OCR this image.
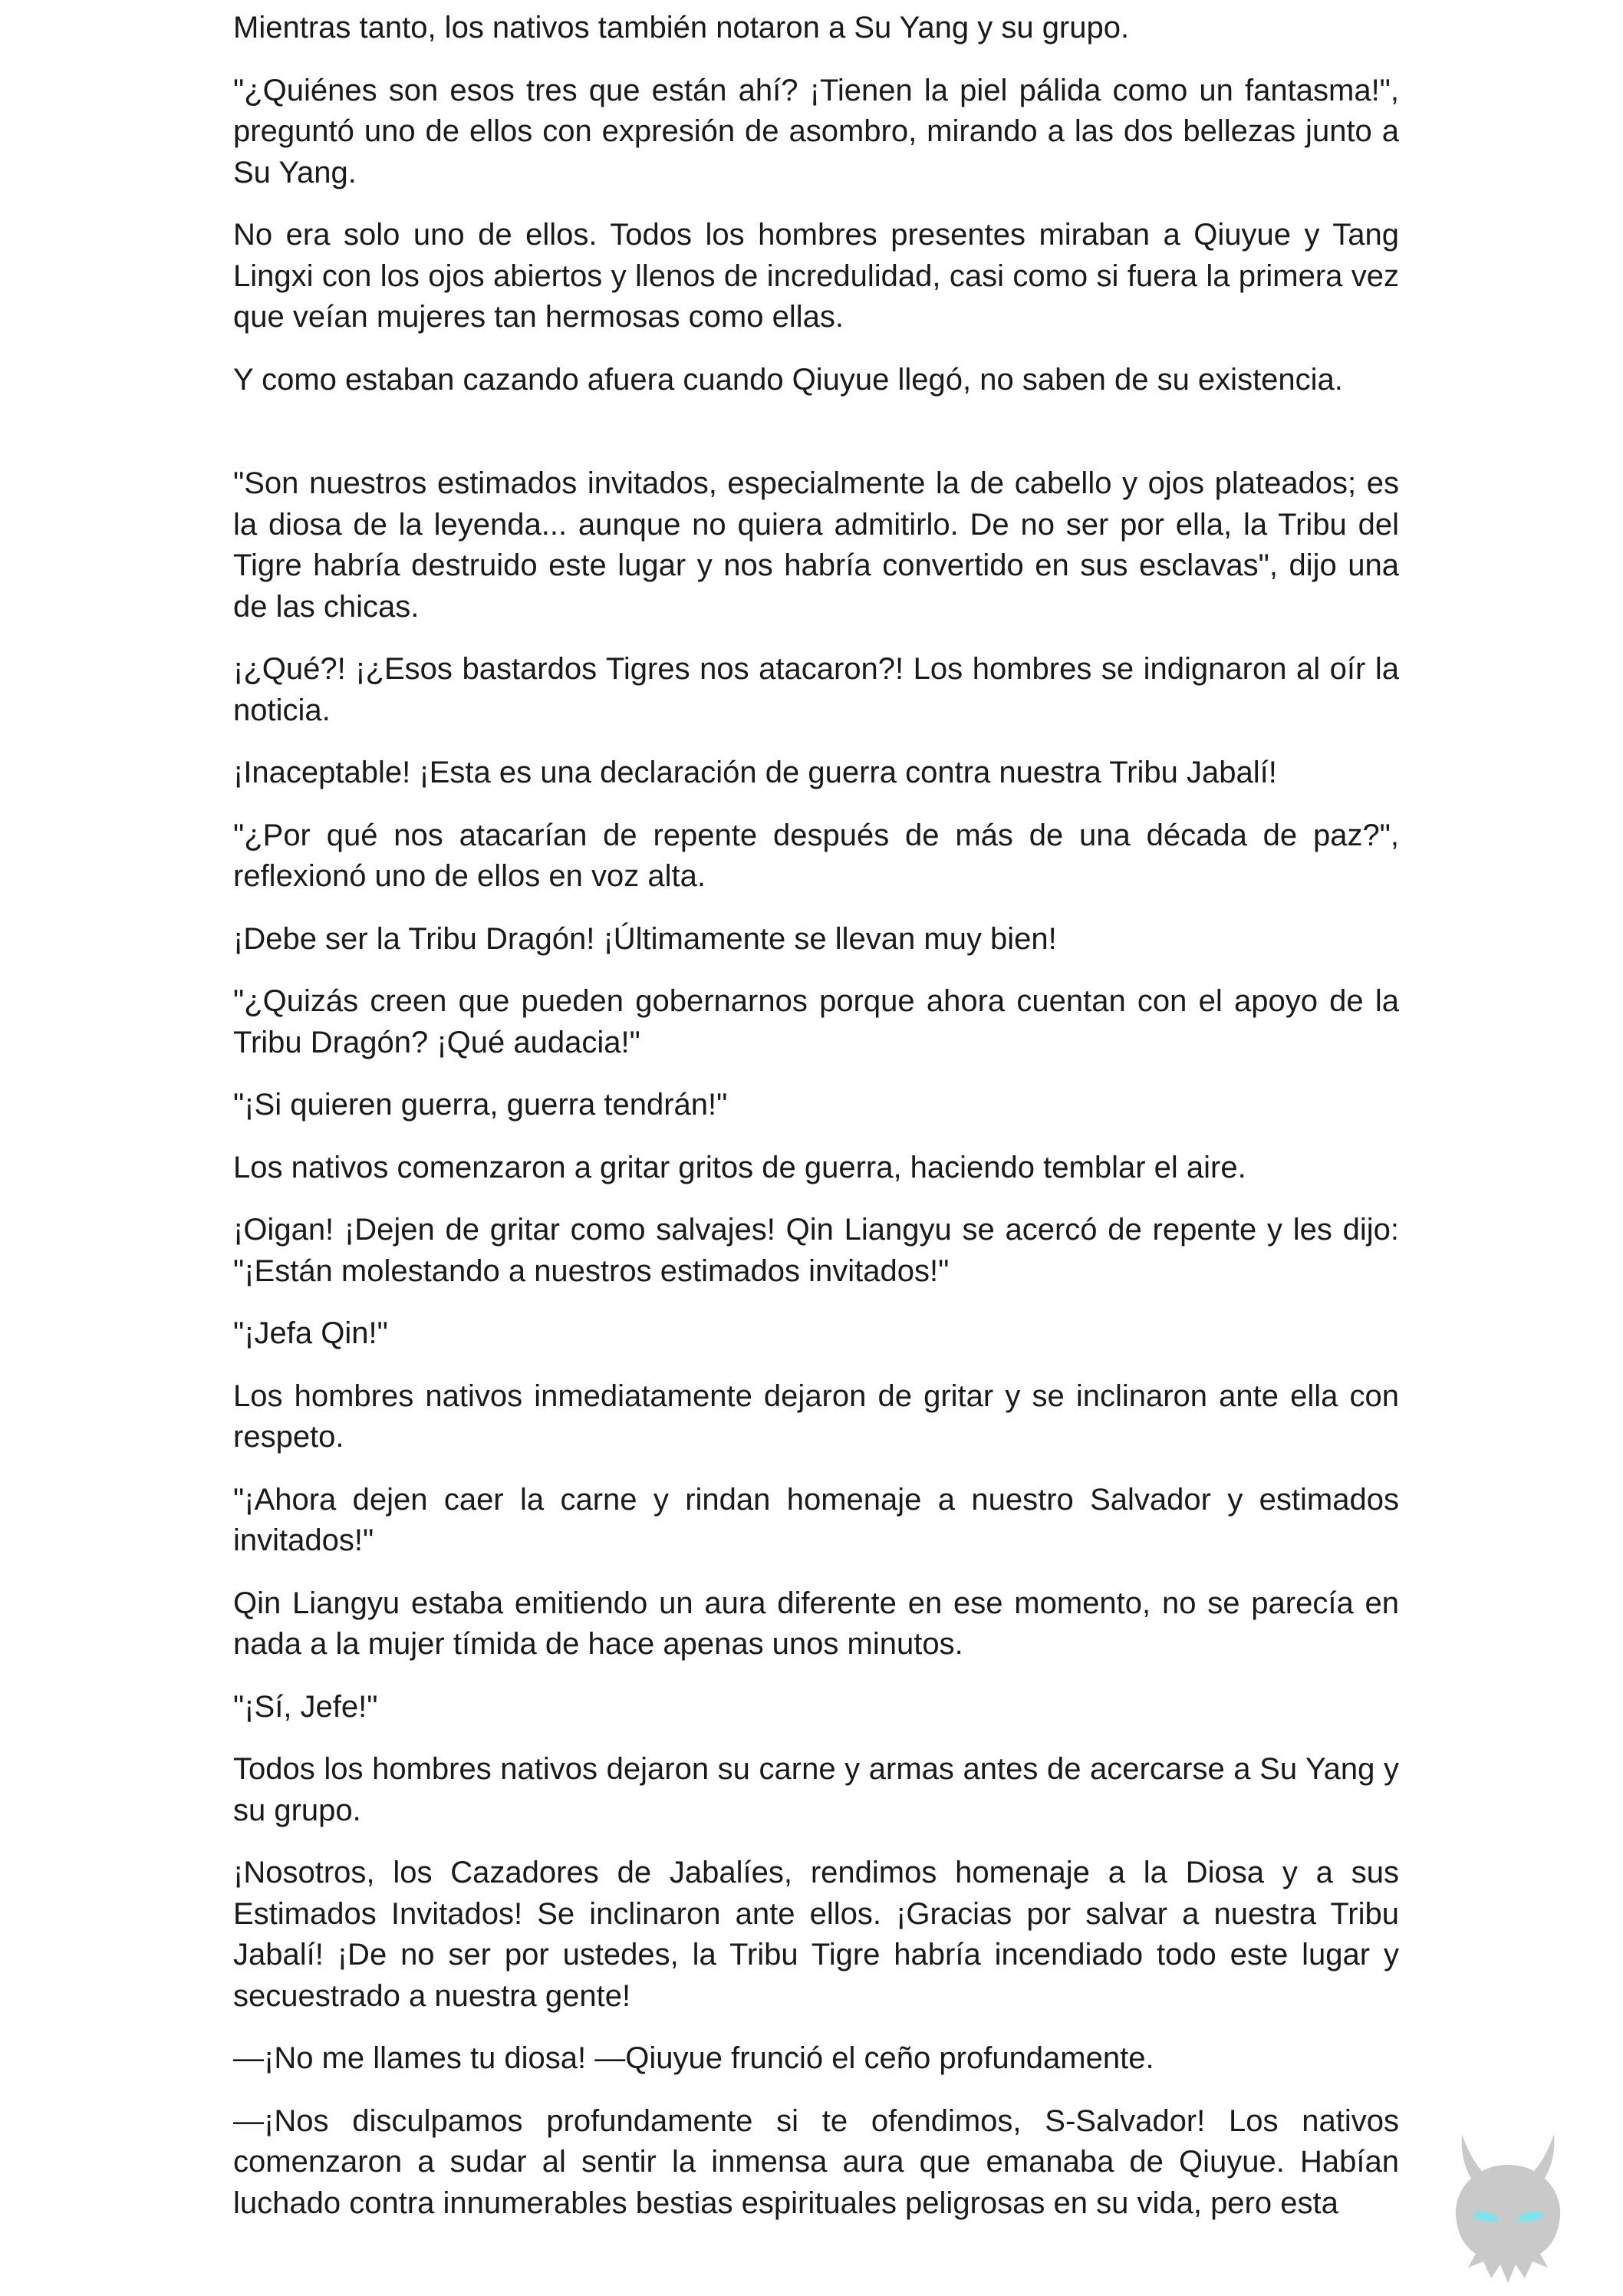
Mientras tanto, los nativos también notaron a Su Yang y su grupo.

"¿Quiénes son esos tres que están ahí? ¡Tienen la piel pálida como un fantasma!", preguntó uno de ellos con expresión de asombro, mirando a las dos bellezas junto a Su Yang.

No era solo uno de ellos. Todos los hombres presentes miraban a Qiuyue y Tang Lingxi con los ojos abiertos y llenos de incredulidad, casi como si fuera la primera vez que veían mujeres tan hermosas como ellas.

Y como estaban cazando afuera cuando Qiuyue llegó, no saben de su existencia.

"Son nuestros estimados invitados, especialmente la de cabello y ojos plateados; es la diosa de la leyenda... aunque no quiera admitirlo. De no ser por ella, la Tribu del Tigre habría destruido este lugar y nos habría convertido en sus esclavas", dijo una de las chicas.

¡¿Qué?! ¡¿Esos bastardos Tigres nos atacaron?! Los hombres se indignaron al oír la noticia.

¡Inaceptable! ¡Esta es una declaración de guerra contra nuestra Tribu Jabalí!

"¿Por qué nos atacarían de repente después de más de una década de paz?", reflexionó uno de ellos en voz alta.

¡Debe ser la Tribu Dragón! ¡Últimamente se llevan muy bien!

"¿Quizás creen que pueden gobernarnos porque ahora cuentan con el apoyo de la Tribu Dragón? ¡Qué audacia!"

"¡Si quieren guerra, guerra tendrán!"

Los nativos comenzaron a gritar gritos de guerra, haciendo temblar el aire.

¡Oigan! ¡Dejen de gritar como salvajes! Qin Liangyu se acercó de repente y les dijo: "¡Están molestando a nuestros estimados invitados!"

"¡Jefa Qin!"

Los hombres nativos inmediatamente dejaron de gritar y se inclinaron ante ella con respeto.

"¡Ahora dejen caer la carne y rindan homenaje a nuestro Salvador y estimados invitados!"

Qin Liangyu estaba emitiendo un aura diferente en ese momento, no se parecía en nada a la mujer tímida de hace apenas unos minutos.

"¡Sí, Jefe!"

Todos los hombres nativos dejaron su carne y armas antes de acercarse a Su Yang y su grupo.

¡Nosotros, los Cazadores de Jabalíes, rendimos homenaje a la Diosa y a sus Estimados Invitados! Se inclinaron ante ellos. ¡Gracias por salvar a nuestra Tribu Jabalí! ¡De no ser por ustedes, la Tribu Tigre habría incendiado todo este lugar y secuestrado a nuestra gente!

—¡No me llames tu diosa! —Qiuyue frunció el ceño profundamente.

—¡Nos disculpamos profundamente si te ofendimos, S-Salvador! Los nativos comenzaron a sudar al sentir la inmensa aura que emanaba de Qiuyue. Habían luchado contra innumerables bestias espirituales peligrosas en su vida, pero esta
